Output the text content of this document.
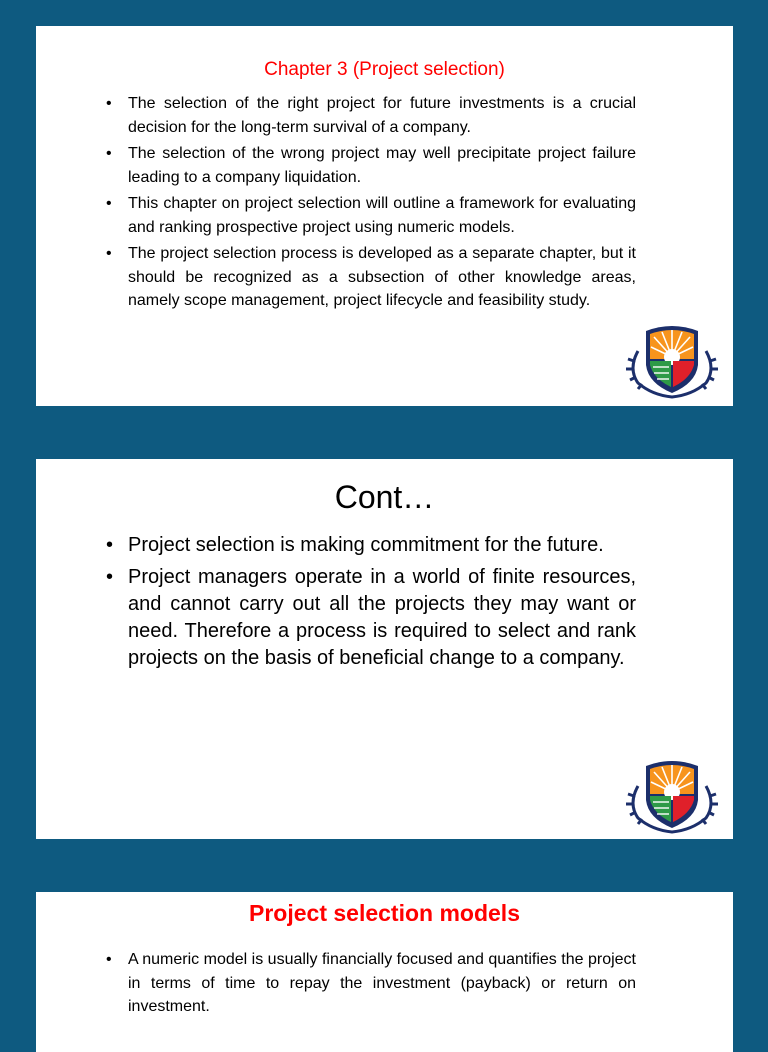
Chapter 3 (Project selection)
• The selection of the right project for future investments is a crucial decision for the long-term survival of a company.
• The selection of the wrong project may well precipitate project failure leading to a company liquidation.
• This chapter on project selection will outline a framework for evaluating and ranking prospective project using numeric models.
• The project selection process is developed as a separate chapter, but it should be recognized as a subsection of other knowledge areas, namely scope management, project lifecycle and feasibility study.
Cont…
• Project selection is making commitment for the future.
• Project managers operate in a world of finite resources, and cannot carry out all the projects they may want or need. Therefore a process is required to select and rank projects on the basis of beneficial change to a company.
Project selection models
• A numeric model is usually financially focused and quantifies the project in terms of time to repay the investment (payback) or return on investment.
